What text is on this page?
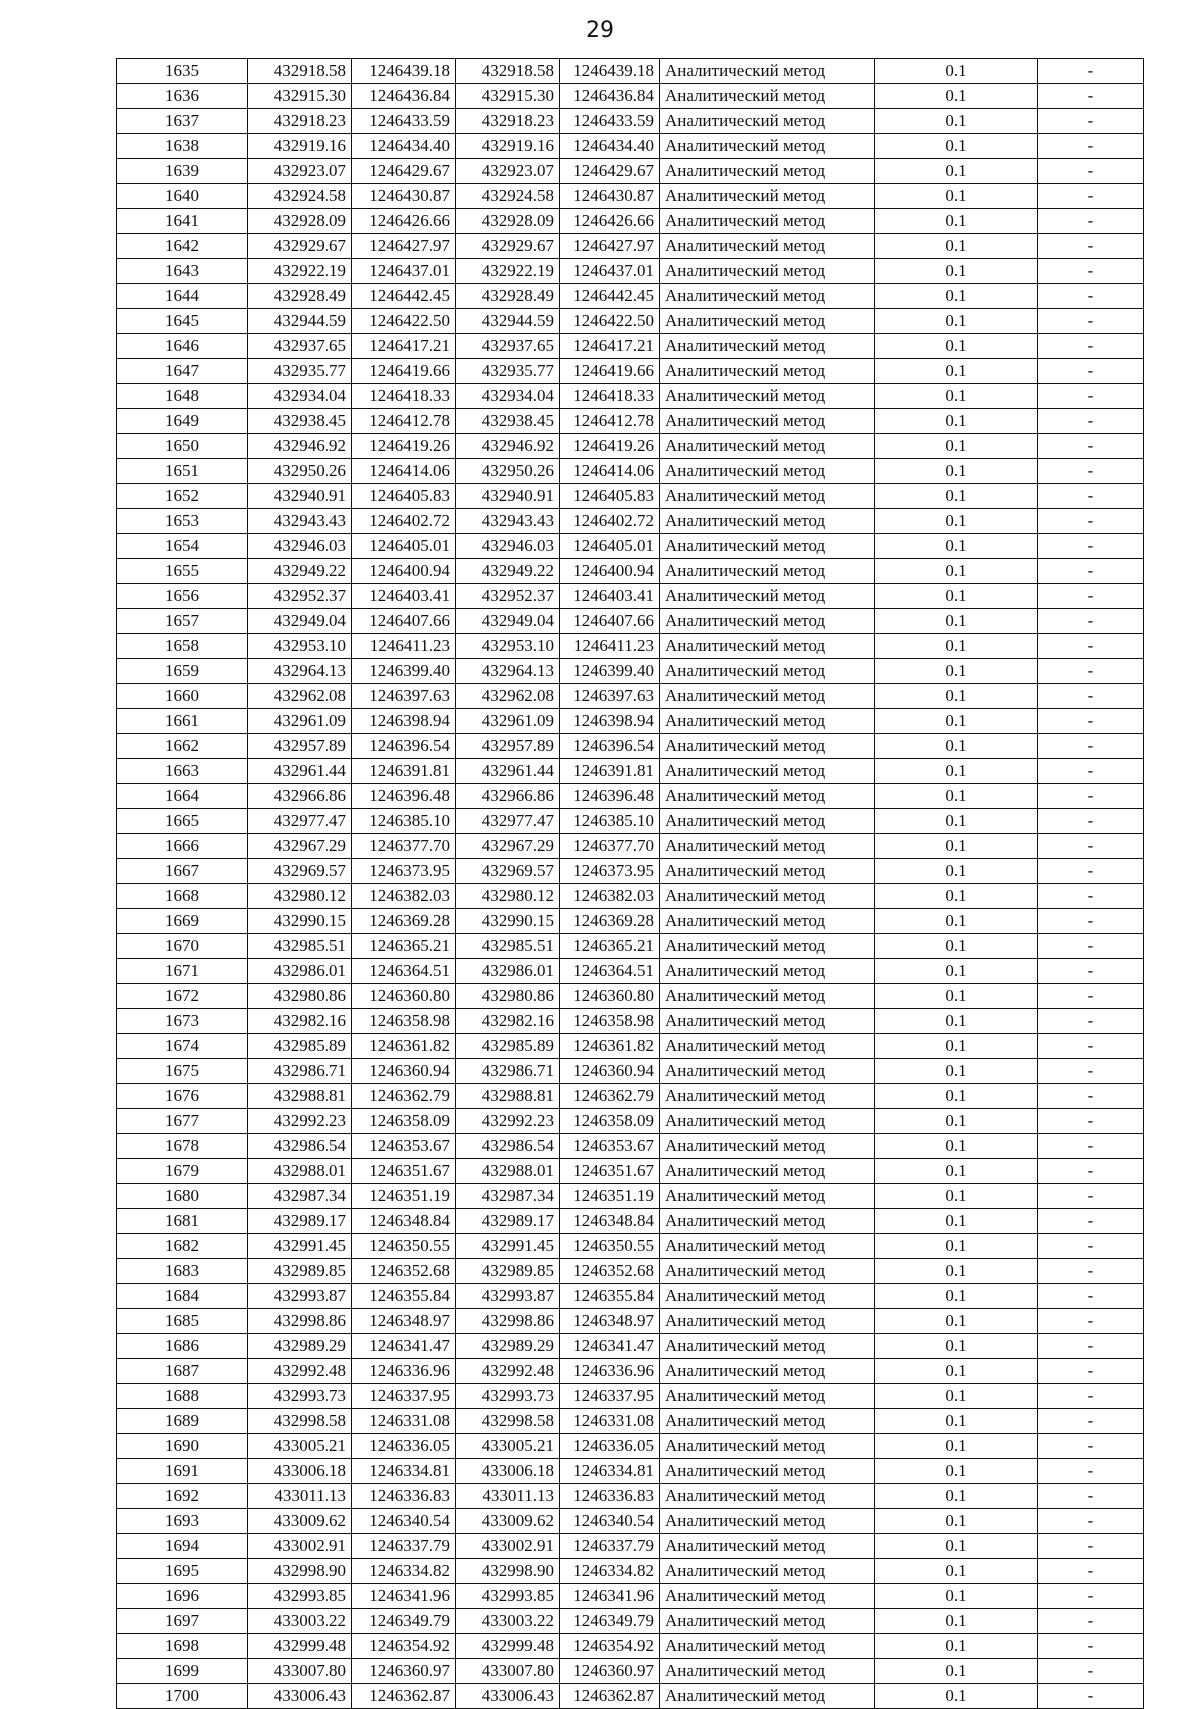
29
1635	432918.58	1246439.18	432918.58	1246439.18	Аналитический метод	0.1	-
1636	432915.30	1246436.84	432915.30	1246436.84	Аналитический метод	0.1	-
1637	432918.23	1246433.59	432918.23	1246433.59	Аналитический метод	0.1	-
1638	432919.16	1246434.40	432919.16	1246434.40	Аналитический метод	0.1	-
1639	432923.07	1246429.67	432923.07	1246429.67	Аналитический метод	0.1	-
1640	432924.58	1246430.87	432924.58	1246430.87	Аналитический метод	0.1	-
1641	432928.09	1246426.66	432928.09	1246426.66	Аналитический метод	0.1	-
1642	432929.67	1246427.97	432929.67	1246427.97	Аналитический метод	0.1	-
1643	432922.19	1246437.01	432922.19	1246437.01	Аналитический метод	0.1	-
1644	432928.49	1246442.45	432928.49	1246442.45	Аналитический метод	0.1	-
1645	432944.59	1246422.50	432944.59	1246422.50	Аналитический метод	0.1	-
1646	432937.65	1246417.21	432937.65	1246417.21	Аналитический метод	0.1	-
1647	432935.77	1246419.66	432935.77	1246419.66	Аналитический метод	0.1	-
1648	432934.04	1246418.33	432934.04	1246418.33	Аналитический метод	0.1	-
1649	432938.45	1246412.78	432938.45	1246412.78	Аналитический метод	0.1	-
1650	432946.92	1246419.26	432946.92	1246419.26	Аналитический метод	0.1	-
1651	432950.26	1246414.06	432950.26	1246414.06	Аналитический метод	0.1	-
1652	432940.91	1246405.83	432940.91	1246405.83	Аналитический метод	0.1	-
1653	432943.43	1246402.72	432943.43	1246402.72	Аналитический метод	0.1	-
1654	432946.03	1246405.01	432946.03	1246405.01	Аналитический метод	0.1	-
1655	432949.22	1246400.94	432949.22	1246400.94	Аналитический метод	0.1	-
1656	432952.37	1246403.41	432952.37	1246403.41	Аналитический метод	0.1	-
1657	432949.04	1246407.66	432949.04	1246407.66	Аналитический метод	0.1	-
1658	432953.10	1246411.23	432953.10	1246411.23	Аналитический метод	0.1	-
1659	432964.13	1246399.40	432964.13	1246399.40	Аналитический метод	0.1	-
1660	432962.08	1246397.63	432962.08	1246397.63	Аналитический метод	0.1	-
1661	432961.09	1246398.94	432961.09	1246398.94	Аналитический метод	0.1	-
1662	432957.89	1246396.54	432957.89	1246396.54	Аналитический метод	0.1	-
1663	432961.44	1246391.81	432961.44	1246391.81	Аналитический метод	0.1	-
1664	432966.86	1246396.48	432966.86	1246396.48	Аналитический метод	0.1	-
1665	432977.47	1246385.10	432977.47	1246385.10	Аналитический метод	0.1	-
1666	432967.29	1246377.70	432967.29	1246377.70	Аналитический метод	0.1	-
1667	432969.57	1246373.95	432969.57	1246373.95	Аналитический метод	0.1	-
1668	432980.12	1246382.03	432980.12	1246382.03	Аналитический метод	0.1	-
1669	432990.15	1246369.28	432990.15	1246369.28	Аналитический метод	0.1	-
1670	432985.51	1246365.21	432985.51	1246365.21	Аналитический метод	0.1	-
1671	432986.01	1246364.51	432986.01	1246364.51	Аналитический метод	0.1	-
1672	432980.86	1246360.80	432980.86	1246360.80	Аналитический метод	0.1	-
1673	432982.16	1246358.98	432982.16	1246358.98	Аналитический метод	0.1	-
1674	432985.89	1246361.82	432985.89	1246361.82	Аналитический метод	0.1	-
1675	432986.71	1246360.94	432986.71	1246360.94	Аналитический метод	0.1	-
1676	432988.81	1246362.79	432988.81	1246362.79	Аналитический метод	0.1	-
1677	432992.23	1246358.09	432992.23	1246358.09	Аналитический метод	0.1	-
1678	432986.54	1246353.67	432986.54	1246353.67	Аналитический метод	0.1	-
1679	432988.01	1246351.67	432988.01	1246351.67	Аналитический метод	0.1	-
1680	432987.34	1246351.19	432987.34	1246351.19	Аналитический метод	0.1	-
1681	432989.17	1246348.84	432989.17	1246348.84	Аналитический метод	0.1	-
1682	432991.45	1246350.55	432991.45	1246350.55	Аналитический метод	0.1	-
1683	432989.85	1246352.68	432989.85	1246352.68	Аналитический метод	0.1	-
1684	432993.87	1246355.84	432993.87	1246355.84	Аналитический метод	0.1	-
1685	432998.86	1246348.97	432998.86	1246348.97	Аналитический метод	0.1	-
1686	432989.29	1246341.47	432989.29	1246341.47	Аналитический метод	0.1	-
1687	432992.48	1246336.96	432992.48	1246336.96	Аналитический метод	0.1	-
1688	432993.73	1246337.95	432993.73	1246337.95	Аналитический метод	0.1	-
1689	432998.58	1246331.08	432998.58	1246331.08	Аналитический метод	0.1	-
1690	433005.21	1246336.05	433005.21	1246336.05	Аналитический метод	0.1	-
1691	433006.18	1246334.81	433006.18	1246334.81	Аналитический метод	0.1	-
1692	433011.13	1246336.83	433011.13	1246336.83	Аналитический метод	0.1	-
1693	433009.62	1246340.54	433009.62	1246340.54	Аналитический метод	0.1	-
1694	433002.91	1246337.79	433002.91	1246337.79	Аналитический метод	0.1	-
1695	432998.90	1246334.82	432998.90	1246334.82	Аналитический метод	0.1	-
1696	432993.85	1246341.96	432993.85	1246341.96	Аналитический метод	0.1	-
1697	433003.22	1246349.79	433003.22	1246349.79	Аналитический метод	0.1	-
1698	432999.48	1246354.92	432999.48	1246354.92	Аналитический метод	0.1	-
1699	433007.80	1246360.97	433007.80	1246360.97	Аналитический метод	0.1	-
1700	433006.43	1246362.87	433006.43	1246362.87	Аналитический метод	0.1	-
